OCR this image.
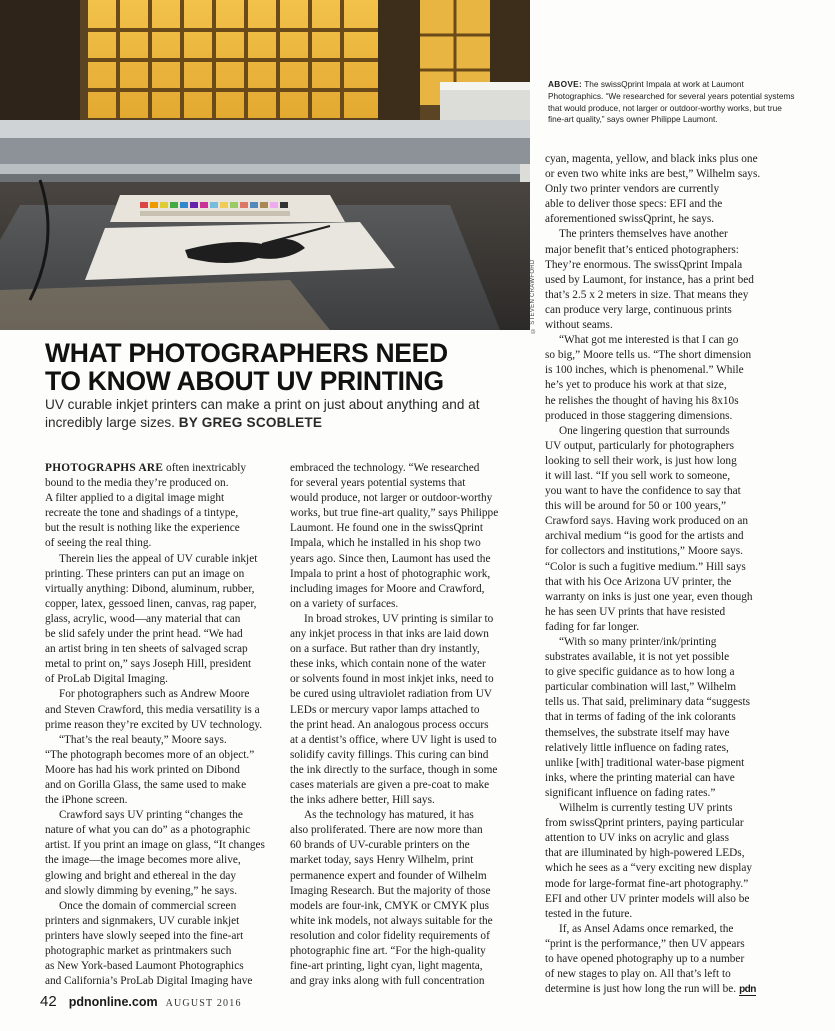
© STEVEN CRAWFORD
ABOVE: The swissQprint Impala at work at Laumont Photographics. “We researched for several years potential systems that would produce, not larger or outdoor-worthy works, but true fine-art quality,” says owner Philippe Laumont.
WHAT PHOTOGRAPHERS NEED
TO KNOW ABOUT UV PRINTING
UV curable inkjet printers can make a print on just about anything and at incredibly large sizes. BY GREG SCOBLETE
PHOTOGRAPHS ARE often inextricably
bound to the media they’re produced on.
A filter applied to a digital image might
recreate the tone and shadings of a tintype,
but the result is nothing like the experience
of seeing the real thing.
Therein lies the appeal of UV curable inkjet
printing. These printers can put an image on
virtually anything: Dibond, aluminum, rubber,
copper, latex, gessoed linen, canvas, rag paper,
glass, acrylic, wood—any material that can
be slid safely under the print head. “We had
an artist bring in ten sheets of salvaged scrap
metal to print on,” says Joseph Hill, president
of ProLab Digital Imaging.
For photographers such as Andrew Moore
and Steven Crawford, this media versatility is a
prime reason they’re excited by UV technology.
“That’s the real beauty,” Moore says.
“The photograph becomes more of an object.”
Moore has had his work printed on Dibond
and on Gorilla Glass, the same used to make
the iPhone screen.
Crawford says UV printing “changes the
nature of what you can do” as a photographic
artist. If you print an image on glass, “It changes
the image—the image becomes more alive,
glowing and bright and ethereal in the day
and slowly dimming by evening,” he says.
Once the domain of commercial screen
printers and signmakers, UV curable inkjet
printers have slowly seeped into the fine-art
photographic market as printmakers such
as New York-based Laumont Photographics
and California’s ProLab Digital Imaging have
embraced the technology. “We researched
for several years potential systems that
would produce, not larger or outdoor-worthy
works, but true fine-art quality,” says Philippe
Laumont. He found one in the swissQprint
Impala, which he installed in his shop two
years ago. Since then, Laumont has used the
Impala to print a host of photographic work,
including images for Moore and Crawford,
on a variety of surfaces.
In broad strokes, UV printing is similar to
any inkjet process in that inks are laid down
on a surface. But rather than dry instantly,
these inks, which contain none of the water
or solvents found in most inkjet inks, need to
be cured using ultraviolet radiation from UV
LEDs or mercury vapor lamps attached to
the print head. An analogous process occurs
at a dentist’s office, where UV light is used to
solidify cavity fillings. This curing can bind
the ink directly to the surface, though in some
cases materials are given a pre-coat to make
the inks adhere better, Hill says.
As the technology has matured, it has
also proliferated. There are now more than
60 brands of UV-curable printers on the
market today, says Henry Wilhelm, print
permanence expert and founder of Wilhelm
Imaging Research. But the majority of those
models are four-ink, CMYK or CMYK plus
white ink models, not always suitable for the
resolution and color fidelity requirements of
photographic fine art. “For the high-quality
fine-art printing, light cyan, light magenta,
and gray inks along with full concentration
cyan, magenta, yellow, and black inks plus one
or even two white inks are best,” Wilhelm says.
Only two printer vendors are currently
able to deliver those specs: EFI and the
aforementioned swissQprint, he says.
The printers themselves have another
major benefit that’s enticed photographers:
They’re enormous. The swissQprint Impala
used by Laumont, for instance, has a print bed
that’s 2.5 x 2 meters in size. That means they
can produce very large, continuous prints
without seams.
“What got me interested is that I can go
so big,” Moore tells us. “The short dimension
is 100 inches, which is phenomenal.” While
he’s yet to produce his work at that size,
he relishes the thought of having his 8x10s
produced in those staggering dimensions.
One lingering question that surrounds
UV output, particularly for photographers
looking to sell their work, is just how long
it will last. “If you sell work to someone,
you want to have the confidence to say that
this will be around for 50 or 100 years,”
Crawford says. Having work produced on an
archival medium “is good for the artists and
for collectors and institutions,” Moore says.
“Color is such a fugitive medium.” Hill says
that with his Oce Arizona UV printer, the
warranty on inks is just one year, even though
he has seen UV prints that have resisted
fading for far longer.
“With so many printer/ink/printing
substrates available, it is not yet possible
to give specific guidance as to how long a
particular combination will last,” Wilhelm
tells us. That said, preliminary data “suggests
that in terms of fading of the ink colorants
themselves, the substrate itself may have
relatively little influence on fading rates,
unlike [with] traditional water-base pigment
inks, where the printing material can have
significant influence on fading rates.”
Wilhelm is currently testing UV prints
from swissQprint printers, paying particular
attention to UV inks on acrylic and glass
that are illuminated by high-powered LEDs,
which he sees as a “very exciting new display
mode for large-format fine-art photography.”
EFI and other UV printer models will also be
tested in the future.
If, as Ansel Adams once remarked, the
“print is the performance,” then UV appears
to have opened photography up to a number
of new stages to play on. All that’s left to
determine is just how long the run will be. pdn
42 pdnonline.com AUGUST 2016
